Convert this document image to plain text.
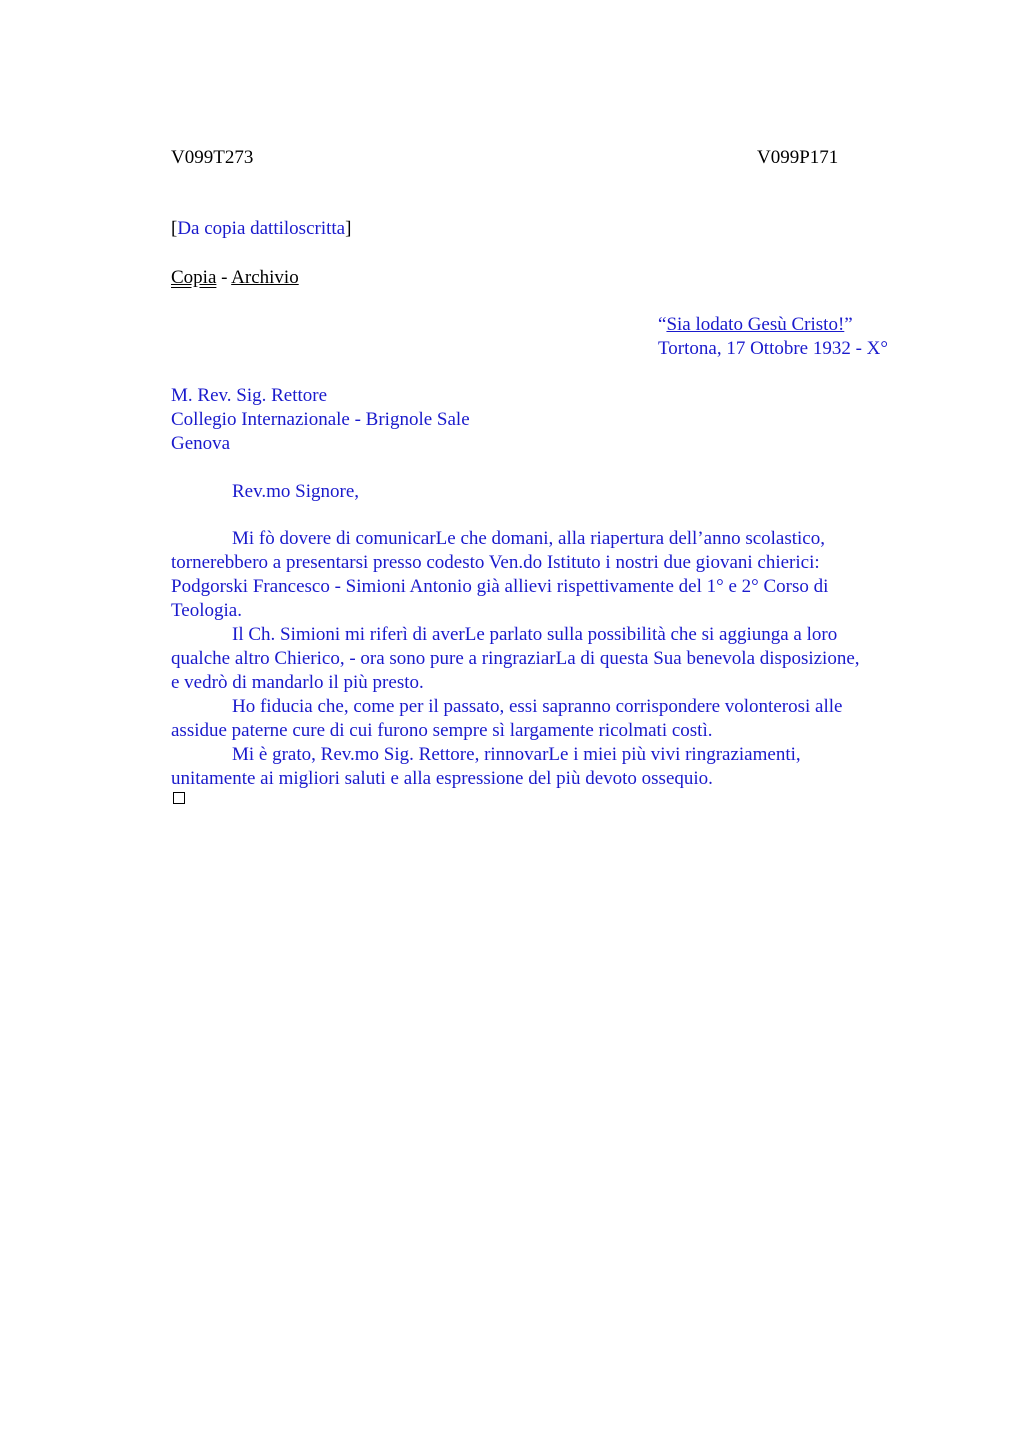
V099T273	V099P171
[Da copia dattiloscritta]
Copia - Archivio
“Sia lodato Gesù Cristo!”
Tortona, 17 Ottobre 1932 - X°
M. Rev. Sig. Rettore
Collegio Internazionale - Brignole Sale
Genova
Rev.mo Signore,

Mi fò dovere di comunicarLe che domani, alla riapertura dell’anno scolastico,
tornerebbero a presentarsi presso codesto Ven.do Istituto i nostri due giovani chierici:
Podgorski Francesco - Simioni Antonio già allievi rispettivamente del 1° e 2° Corso di
Teologia.

Il Ch. Simioni mi riferì di averLe parlato sulla possibilità che si aggiunga a loro
qualche altro Chierico, - ora sono pure a ringraziarLa di questa Sua benevola disposizione,
e vedrò di mandarlo il più presto.

Ho fiducia che, come per il passato, essi sapranno corrispondere volonterosi alle
assidue paterne cure di cui furono sempre sì largamente ricolmati costì.

Mi è grato, Rev.mo Sig. Rettore, rinnovarLe i miei più vivi ringraziamenti,
unitamente ai migliori saluti e alla espressione del più devoto ossequio.
